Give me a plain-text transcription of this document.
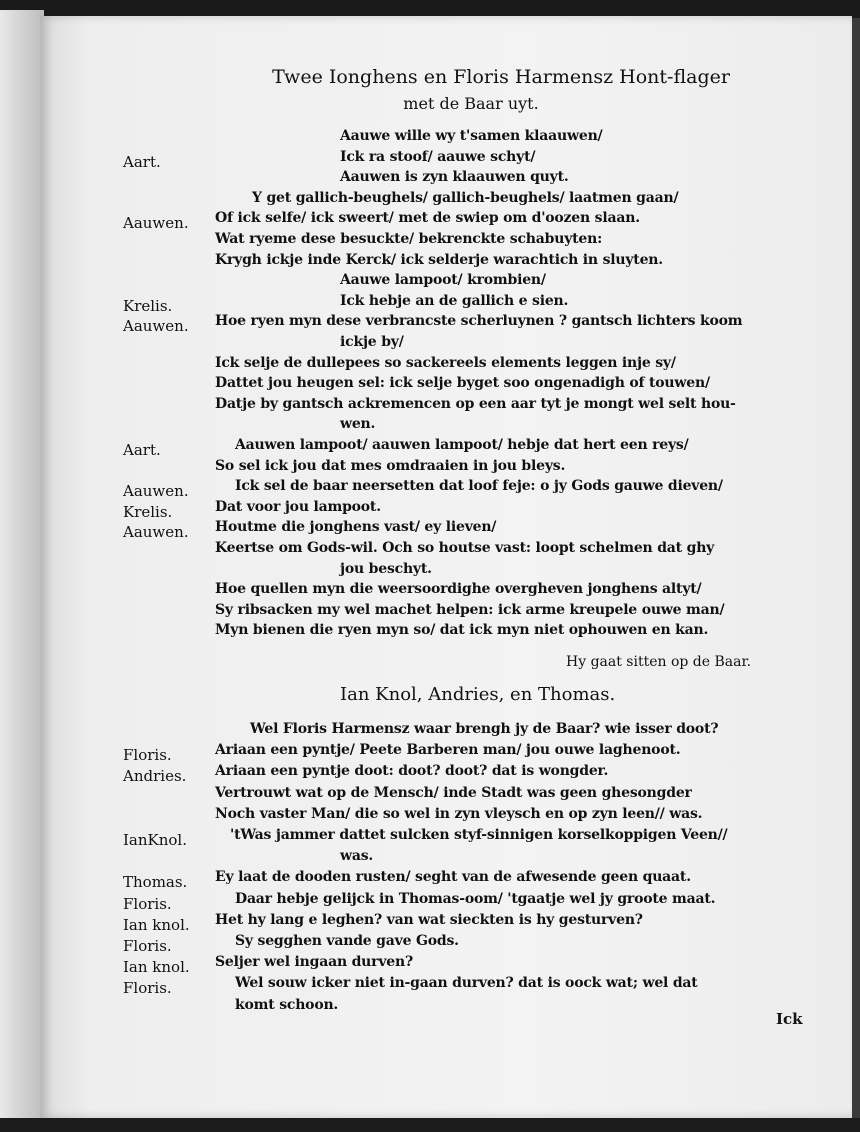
Twee Ionghens en Floris Harmensz Hont-flager
met de Baar uyt.
Aauwe wille wy t'samen klaauwen/
Aart.	Ick ra stoof/ aauwe schyt/
Aauwen is zyn klaauwen quyt.
Y get gallich-beughels/ gallich-beughels/ laatmen gaan/
Aauwen. Of ick selfe/ ick sweert/ met de swiep om d'oozen slaan.
Wat ryeme dese besuckte/ bekrenckte schabuyten:
Krygh ickje inde Kerck/ ick selderje warachtich in sluyten.
Aauwe lampoot/ krombien/
Krelis.	Ick hebje an de gallich e sien.
Aauwen. Hoe ryen myn dese verbrancste scherluynen ? gantsch lichters koom
ickje by/
Ick selje de dullepees so sackereels elements leggen inje sy/
Dattet jou heugen sel: ick selje byget soo ongenadigh of touwen/
Datje by gantsch ackremencen op een aar tyt je mongt wel selt hou-
wen.
Aart.	Aauwen lampoot/ aauwen lampoot/ hebje dat hert een reys/
So sel ick jou dat mes omdraaien in jou bleys.
Aauwen.	Ick sel de baar neersetten dat loof feje: o jy Gods gauwe dieven/
Krelis.	Dat voor jou lampoot.
Aauwen. Houtme die jonghens vast/ ey lieven/
Keertse om Gods-wil. Och so houtse vast: loopt schelmen dat ghy
jou beschyt.
Hoe quellen myn die weersoordighe overgheven jonghens altyt/
Sy ribsacken my wel machet helpen: ick arme kreupele ouwe man/
Myn bienen die ryen myn so/ dat ick myn niet ophouwen en kan.
Hy gaat sitten op de Baar.
Ian Knol, Andries, en Thomas.
Wel Floris Harmensz waar brengh jy de Baar? wie isser doot?
Floris.	Ariaan een pyntje/ Peete Barberen man/ jou ouwe laghenoot.
Andries. Ariaan een pyntje doot: doot? doot? dat is wongder.
Vertrouwt wat op de Mensch/ inde Stadt was geen ghesongder
Noch vaster Man/ die so wel in zyn vleysch en op zyn leen// was.
IanKnol.	'tWas jammer dattet sulcken styf-sinnigen korselkoppigen Veen//
was.
Thomas. Ey laat de dooden rusten/ seght van de afwesende geen quaat.
Floris.	Daar hebje gelijck in Thomas-oom/ 'tgaatje wel jy groote maat.
Ian knol. Het hy lang e leghen? van wat sieckten is hy gesturven?
Floris.	Sy segghen vande gave Gods.
Ian knol. Seljer wel ingaan durven?
Floris.	Wel souw icker niet in-gaan durven? dat is oock wat; wel dat
komt schoon.
Ick
